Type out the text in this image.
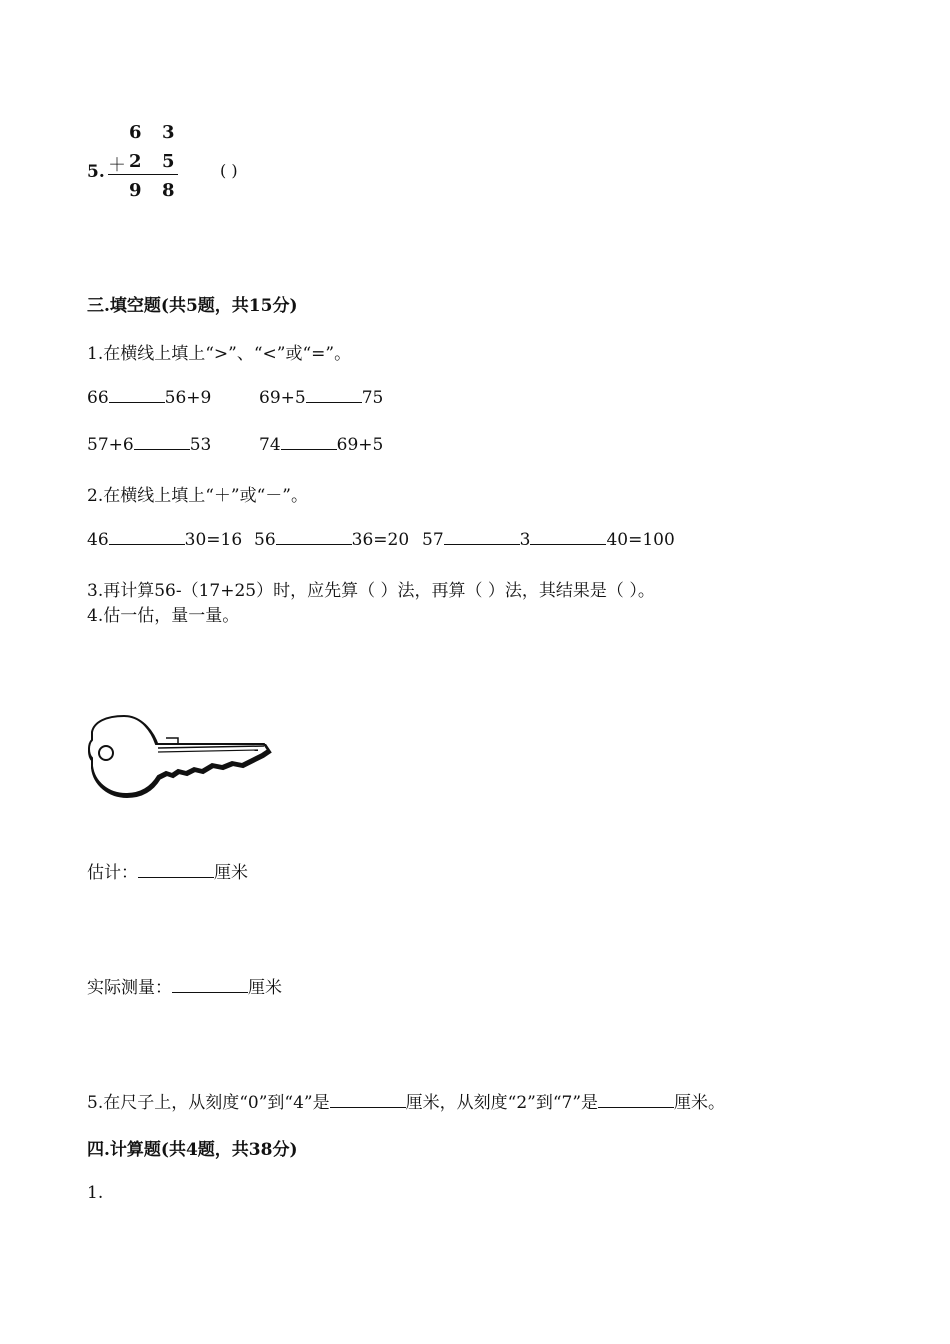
5.
6 3
＋ 2 5
9 8
( )
三.填空题(共5题，共15分)
1.在横线上填上“>”、“<”或“=”。
66	56+9	69+5	75
57+6	53	74	69+5
2.在横线上填上“＋”或“－”。
46	30=16 56	36=20 57	3	40=100
3.再计算56-（17+25）时，应先算（ ）法，再算（ ）法，其结果是（ ）。
4.估一估，量一量。
估计：	厘米
实际测量：	厘米
5.在尺子上，从刻度“0”到“4”是	厘米，从刻度“2”到“7”是	厘米。
四.计算题(共4题，共38分)
1.
